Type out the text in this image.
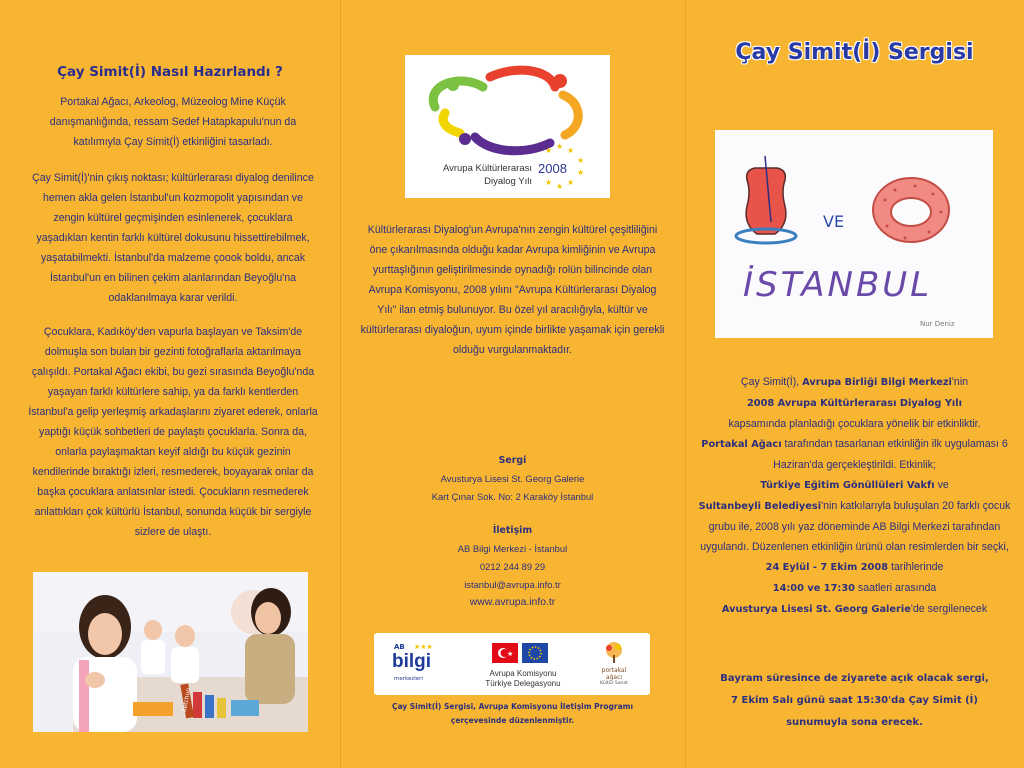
Çay Simit(İ) Nasıl Hazırlandı ?

Portakal Ağacı, Arkeolog, Müzeolog Mine Küçük danışmanlığında, ressam Sedef Hatapkapulu'nun da katılımıyla Çay Simit(İ) etkinliğini tasarladı.

Çay Simit(İ)'nin çıkış noktası; kültürlerarası diyalog denilince hemen akla gelen İstanbul'un kozmopolit yapısından ve zengin kültürel geçmişinden esinlenerek, çocuklara yaşadıkları kentin farklı kültürel dokusunu hissettirebilmek, yaşatabilmekti. İstanbul'da malzeme çoook boldu, ancak İstanbul'un en bilinen çekim alanlarından Beyoğlu'na odaklanılmaya karar verildi.

Çocuklara, Kadıköy'den vapurla başlayan ve Taksim'de dolmuşla son bulan bir gezinti fotoğraflarla aktarılmaya çalışıldı. Portakal Ağacı ekibi, bu gezi sırasında Beyoğlu'nda yaşayan farklı kültürlere sahip, ya da farklı kentlerden İstanbul'a gelip yerleşmiş arkadaşlarını ziyaret ederek, onlarla yaptığı küçük sohbetleri de paylaştı çocuklarla. Sonra da, onlarla paylaşmaktan keyif aldığı bu küçük gezinin kendilerinde bıraktığı izleri, resmederek, boyayarak onlar da başka çocuklara anlatsınlar istedi. Çocukların resmederek anlattıkları çok kültürlü İstanbul, sonunda küçük bir sergiyle sizlere de ulaştı.

ketchup
★ ★ ★
★
★
★
★
★
Avrupa Kültürlerarası
Diyalog Yılı
2008

Kültürlerarası Diyalog'un Avrupa'nın zengin kültürel çeşitliliğini öne çıkarılmasında olduğu kadar Avrupa kimliğinin ve Avrupa yurttaşlığının geliştirilmesinde oynadığı rolün bilincinde olan Avrupa Komisyonu, 2008 yılını "Avrupa Kültürlerarası Diyalog Yılı" ilan etmiş bulunuyor. Bu özel yıl aracılığıyla, kültür ve kültürlerarası diyaloğun, uyum içinde birlikte yaşamak için gerekli olduğu vurgulanmaktadır.

Sergi

Avusturya Lisesi St. Georg Galerie

Kart Çınar Sok. No: 2 Karaköy İstanbul

İletişim

AB Bilgi Merkezi - İstanbul

0212 244 89 29

istanbul@avrupa.info.tr

www.avrupa.info.tr

AB
bilgi
merkezleri
★★★
★
Avrupa Komisyonu
Türkiye Delegasyonu
portakal
ağacı
Kültür Sanat

Çay Simit(İ) Sergisi, Avrupa Komisyonu İletişim Programı

çerçevesinde düzenlenmiştir.

Çay Simit(İ) Sergisi
VE
İSTANBUL
Nur Deniz

Çay Simit(İ), Avrupa Birliği Bilgi Merkezi'nin
2008 Avrupa Kültürlerarası Diyalog Yılı
kapsamında planladığı çocuklara yönelik bir etkinliktir.
Portakal Ağacı tarafından tasarlanan etkinliğin ilk uygulaması 6 Haziran'da gerçekleştirildi. Etkinlik;
Türkiye Eğitim Gönüllüleri Vakfı ve
Sultanbeyli Belediyesi'nin katkılarıyla buluşulan 20 farklı çocuk grubu ile, 2008 yılı yaz döneminde AB Bilgi Merkezi tarafından uygulandı. Düzenlenen etkinliğin ürünü olan resimlerden bir seçki,
24 Eylül - 7 Ekim 2008 tarihlerinde
14:00 ve 17:30 saatleri arasında
Avusturya Lisesi St. Georg Galerie'de sergilenecek

Bayram süresince de ziyarete açık olacak sergi,
7 Ekim Salı günü saat 15:30'da Çay Simit (İ)
sunumuyla sona erecek.
